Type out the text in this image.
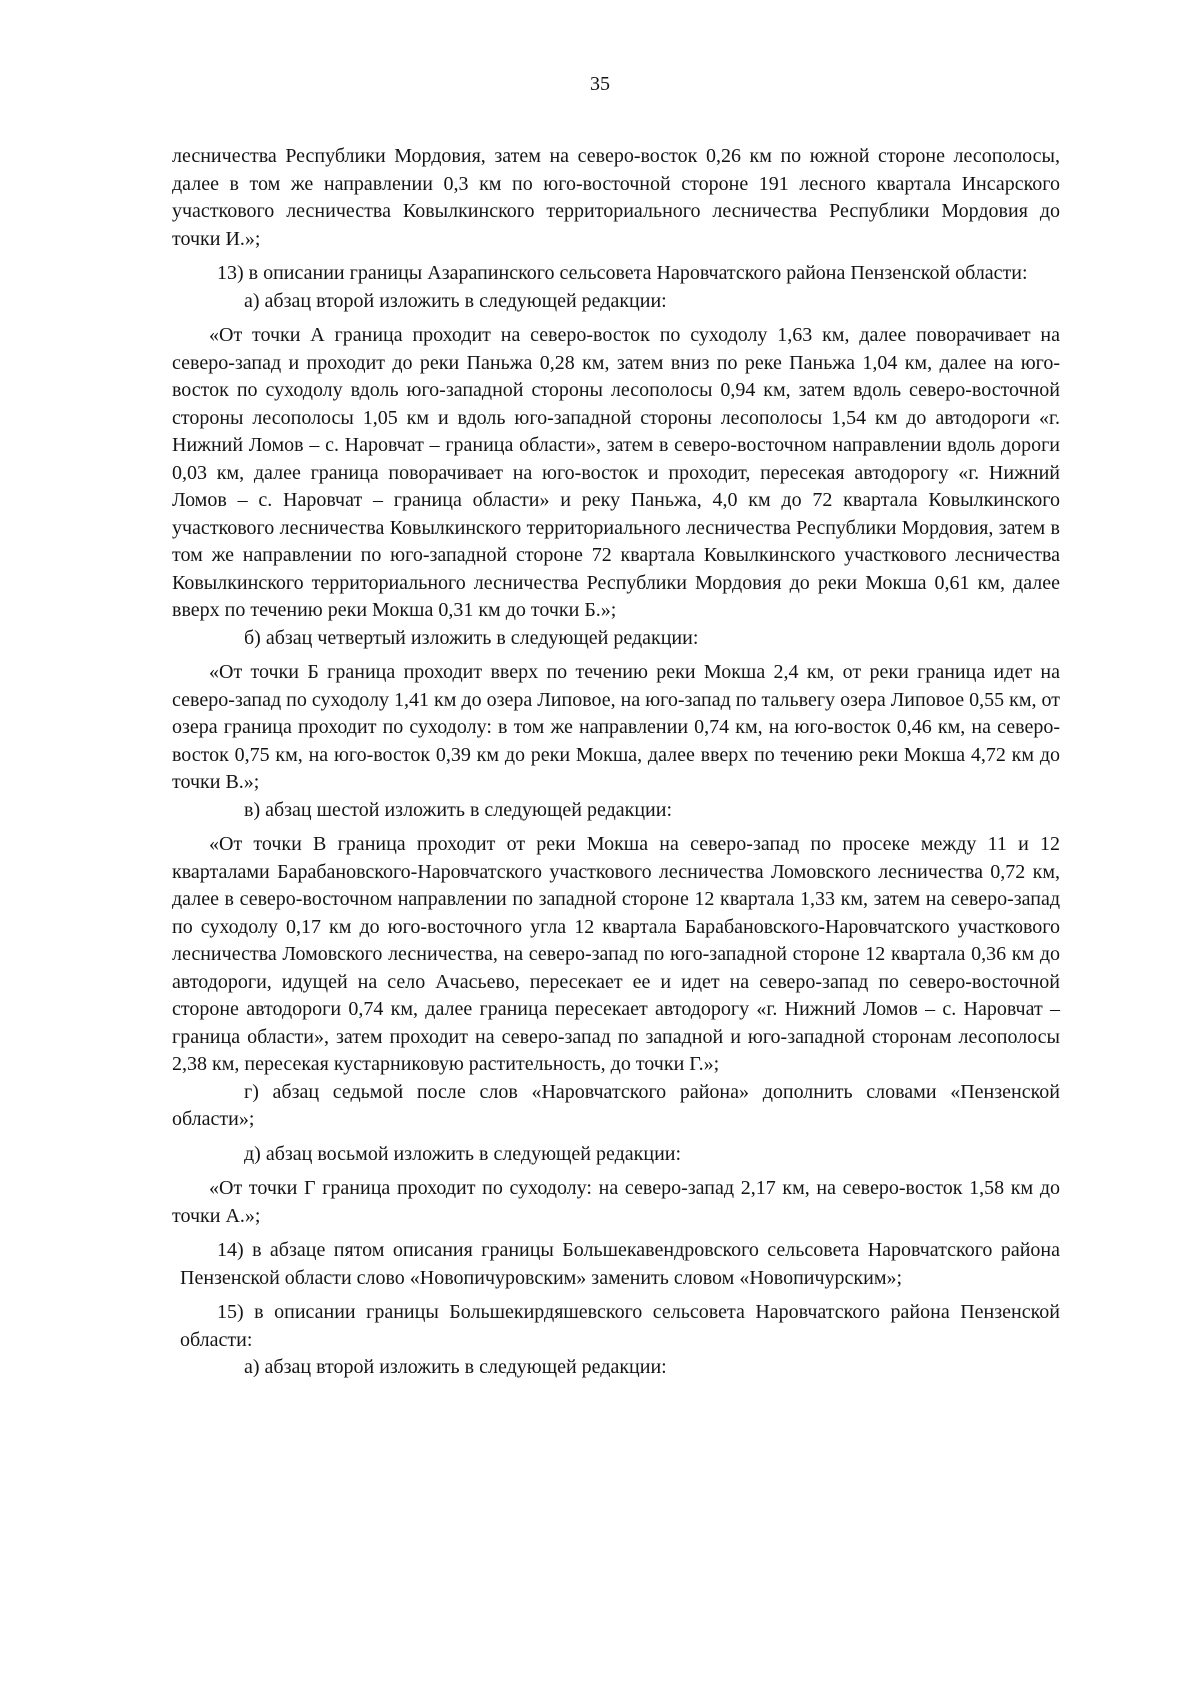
35

лесничества Республики Мордовия, затем на северо-восток 0,26 км по южной стороне лесополосы, далее в том же направлении 0,3 км по юго-восточной стороне 191 лесного квартала Инсарского участкового лесничества Ковылкинского территориального лесничества Республики Мордовия до точки И.»;

13) в описании границы Азарапинского сельсовета Наровчатского района Пензенской области:

а) абзац второй изложить в следующей редакции:

«От точки А граница проходит на северо-восток по суходолу 1,63 км, далее поворачивает на северо-запад и проходит до реки Паньжа 0,28 км, затем вниз по реке Паньжа 1,04 км, далее на юго-восток по суходолу вдоль юго-западной стороны лесополосы 0,94 км, затем вдоль северо-восточной стороны лесополосы 1,05 км и вдоль юго-западной стороны лесополосы 1,54 км до автодороги «г. Нижний Ломов – с. Наровчат – граница области», затем в северо-восточном направлении вдоль дороги 0,03 км, далее граница поворачивает на юго-восток и проходит, пересекая автодорогу «г. Нижний Ломов – с. Наровчат – граница области» и реку Паньжа, 4,0 км до 72 квартала Ковылкинского участкового лесничества Ковылкинского территориального лесничества Республики Мордовия, затем в том же направлении по юго-западной стороне 72 квартала Ковылкинского участкового лесничества Ковылкинского территориального лесничества Республики Мордовия до реки Мокша 0,61 км, далее вверх по течению реки Мокша 0,31 км до точки Б.»;

б) абзац четвертый изложить в следующей редакции:

«От точки Б граница проходит вверх по течению реки Мокша 2,4 км, от реки граница идет на северо-запад по суходолу 1,41 км до озера Липовое, на юго-запад по тальвегу озера Липовое 0,55 км, от озера граница проходит по суходолу: в том же направлении 0,74 км, на юго-восток 0,46 км, на северо-восток 0,75 км, на юго-восток 0,39 км до реки Мокша, далее вверх по течению реки Мокша 4,72 км до точки В.»;

в) абзац шестой изложить в следующей редакции:

«От точки В граница проходит от реки Мокша на северо-запад по просеке между 11 и 12 кварталами Барабановского-Наровчатского участкового лесничества Ломовского лесничества 0,72 км, далее в северо-восточном направлении по западной стороне 12 квартала 1,33 км, затем на северо-запад по суходолу 0,17 км до юго-восточного угла 12 квартала Барабановского-Наровчатского участкового лесничества Ломовского лесничества, на северо-запад по юго-западной стороне 12 квартала 0,36 км до автодороги, идущей на село Ачасьево, пересекает ее и идет на северо-запад по северо-восточной стороне автодороги 0,74 км, далее граница пересекает автодорогу «г. Нижний Ломов – с. Наровчат – граница области», затем проходит на северо-запад по западной и юго-западной сторонам лесополосы 2,38 км, пересекая кустарниковую растительность, до точки Г.»;

г) абзац седьмой после слов «Наровчатского района» дополнить словами «Пензенской области»;

д) абзац восьмой изложить в следующей редакции:

«От точки Г граница проходит по суходолу: на северо-запад 2,17 км, на северо-восток 1,58 км до точки А.»;

14) в абзаце пятом описания границы Большекавендровского сельсовета Наровчатского района Пензенской области слово «Новопичуровским» заменить словом «Новопичурским»;

15) в описании границы Большекирдяшевского сельсовета Наровчатского района Пензенской области:

а) абзац второй изложить в следующей редакции:
